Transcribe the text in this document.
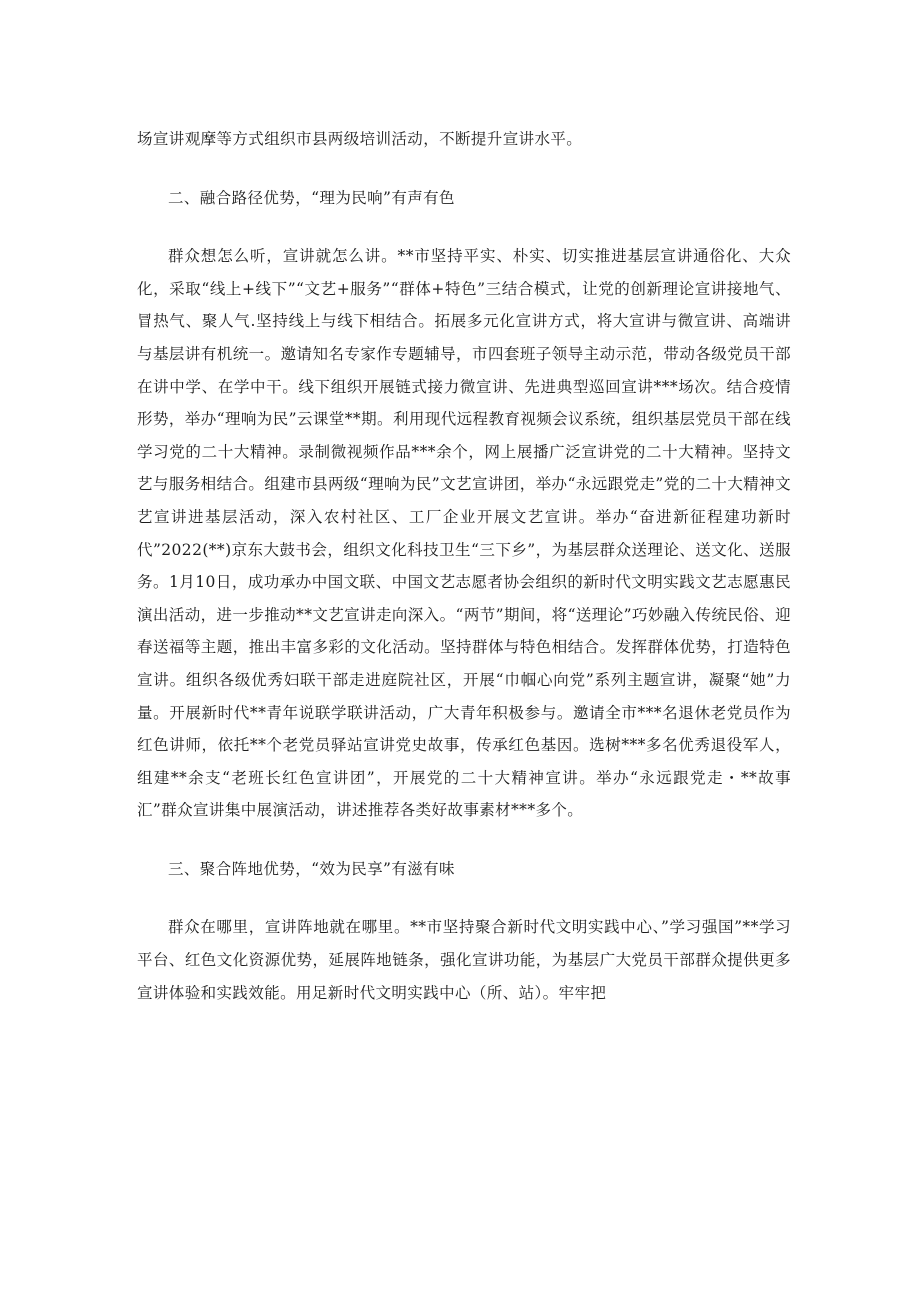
场宣讲观摩等方式组织市县两级培训活动，不断提升宣讲水平。

二、融合路径优势，“理为民响”有声有色

群众想怎么听，宣讲就怎么讲。**市坚持平实、朴实、切实推进基层宣讲通俗化、大众化，采取“线上+线下”“文艺+服务”“群体+特色”三结合模式，让党的创新理论宣讲接地气、冒热气、聚人气.坚持线上与线下相结合。拓展多元化宣讲方式，将大宣讲与微宣讲、高端讲与基层讲有机统一。邀请知名专家作专题辅导，市四套班子领导主动示范，带动各级党员干部在讲中学、在学中干。线下组织开展链式接力微宣讲、先进典型巡回宣讲***场次。结合疫情形势，举办“理响为民”云课堂**期。利用现代远程教育视频会议系统，组织基层党员干部在线学习党的二十大精神。录制微视频作品***余个，网上展播广泛宣讲党的二十大精神。坚持文艺与服务相结合。组建市县两级“理响为民”文艺宣讲团，举办“永远跟党走”党的二十大精神文艺宣讲进基层活动，深入农村社区、工厂企业开展文艺宣讲。举办“奋进新征程建功新时代”2022(**)京东大鼓书会，组织文化科技卫生“三下乡”，为基层群众送理论、送文化、送服务。1月10日，成功承办中国文联、中国文艺志愿者协会组织的新时代文明实践文艺志愿惠民演出活动，进一步推动**文艺宣讲走向深入。“两节”期间，将“送理论”巧妙融入传统民俗、迎春送福等主题，推出丰富多彩的文化活动。坚持群体与特色相结合。发挥群体优势，打造特色宣讲。组织各级优秀妇联干部走进庭院社区，开展“巾帼心向党”系列主题宣讲，凝聚“她”力量。开展新时代**青年说联学联讲活动，广大青年积极参与。邀请全市***名退休老党员作为红色讲师，依托**个老党员驿站宣讲党史故事，传承红色基因。选树***多名优秀退役军人，组建**余支“老班长红色宣讲团”，开展党的二十大精神宣讲。举办“永远跟党走・**故事汇”群众宣讲集中展演活动，讲述推荐各类好故事素材***多个。

三、聚合阵地优势，“效为民享”有滋有味

群众在哪里，宣讲阵地就在哪里。**市坚持聚合新时代文明实践中心、”学习强国”**学习平台、红色文化资源优势，延展阵地链条，强化宣讲功能，为基层广大党员干部群众提供更多宣讲体验和实践效能。用足新时代文明实践中心（所、站）。牢牢把
